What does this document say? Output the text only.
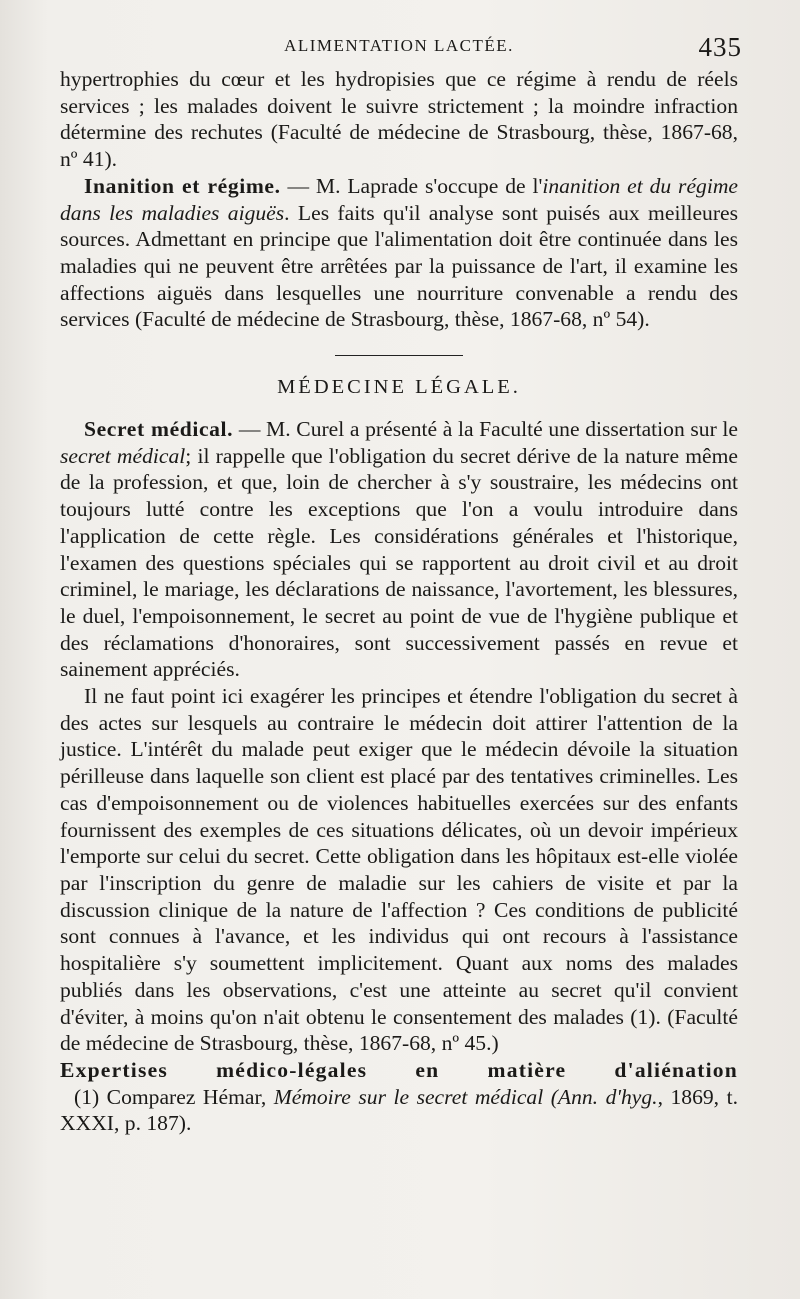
ALIMENTATION LACTÉE.	435

hypertrophies du cœur et les hydropisies que ce régime à rendu de réels services ; les malades doivent le suivre strictement ; la moindre infraction détermine des rechutes (Faculté de médecine de Strasbourg, thèse, 1867-68, nº 41).

Inanition et régime. — M. Laprade s'occupe de l'inanition et du régime dans les maladies aiguës. Les faits qu'il analyse sont puisés aux meilleures sources. Admettant en principe que l'alimentation doit être continuée dans les maladies qui ne peuvent être arrêtées par la puissance de l'art, il examine les affections aiguës dans lesquelles une nourriture convenable a rendu des services (Faculté de médecine de Strasbourg, thèse, 1867-68, nº 54).

MÉDECINE LÉGALE.

Secret médical. — M. Curel a présenté à la Faculté une dissertation sur le secret médical; il rappelle que l'obligation du secret dérive de la nature même de la profession, et que, loin de chercher à s'y soustraire, les médecins ont toujours lutté contre les exceptions que l'on a voulu introduire dans l'application de cette règle. Les considérations générales et l'historique, l'examen des questions spéciales qui se rapportent au droit civil et au droit criminel, le mariage, les déclarations de naissance, l'avortement, les blessures, le duel, l'empoisonnement, le secret au point de vue de l'hygiène publique et des réclamations d'honoraires, sont successivement passés en revue et sainement appréciés.

Il ne faut point ici exagérer les principes et étendre l'obligation du secret à des actes sur lesquels au contraire le médecin doit attirer l'attention de la justice. L'intérêt du malade peut exiger que le médecin dévoile la situation périlleuse dans laquelle son client est placé par des tentatives criminelles. Les cas d'empoisonnement ou de violences habituelles exercées sur des enfants fournissent des exemples de ces situations délicates, où un devoir impérieux l'emporte sur celui du secret. Cette obligation dans les hôpitaux est-elle violée par l'inscription du genre de maladie sur les cahiers de visite et par la discussion clinique de la nature de l'affection ? Ces conditions de publicité sont connues à l'avance, et les individus qui ont recours à l'assistance hospitalière s'y soumettent implicitement. Quant aux noms des malades publiés dans les observations, c'est une atteinte au secret qu'il convient d'éviter, à moins qu'on n'ait obtenu le consentement des malades (1). (Faculté de médecine de Strasbourg, thèse, 1867-68, nº 45.)

Expertises médico-légales en matière d'aliénation

(1) Comparez Hémar, Mémoire sur le secret médical (Ann. d'hyg., 1869, t. XXXI, p. 187).
